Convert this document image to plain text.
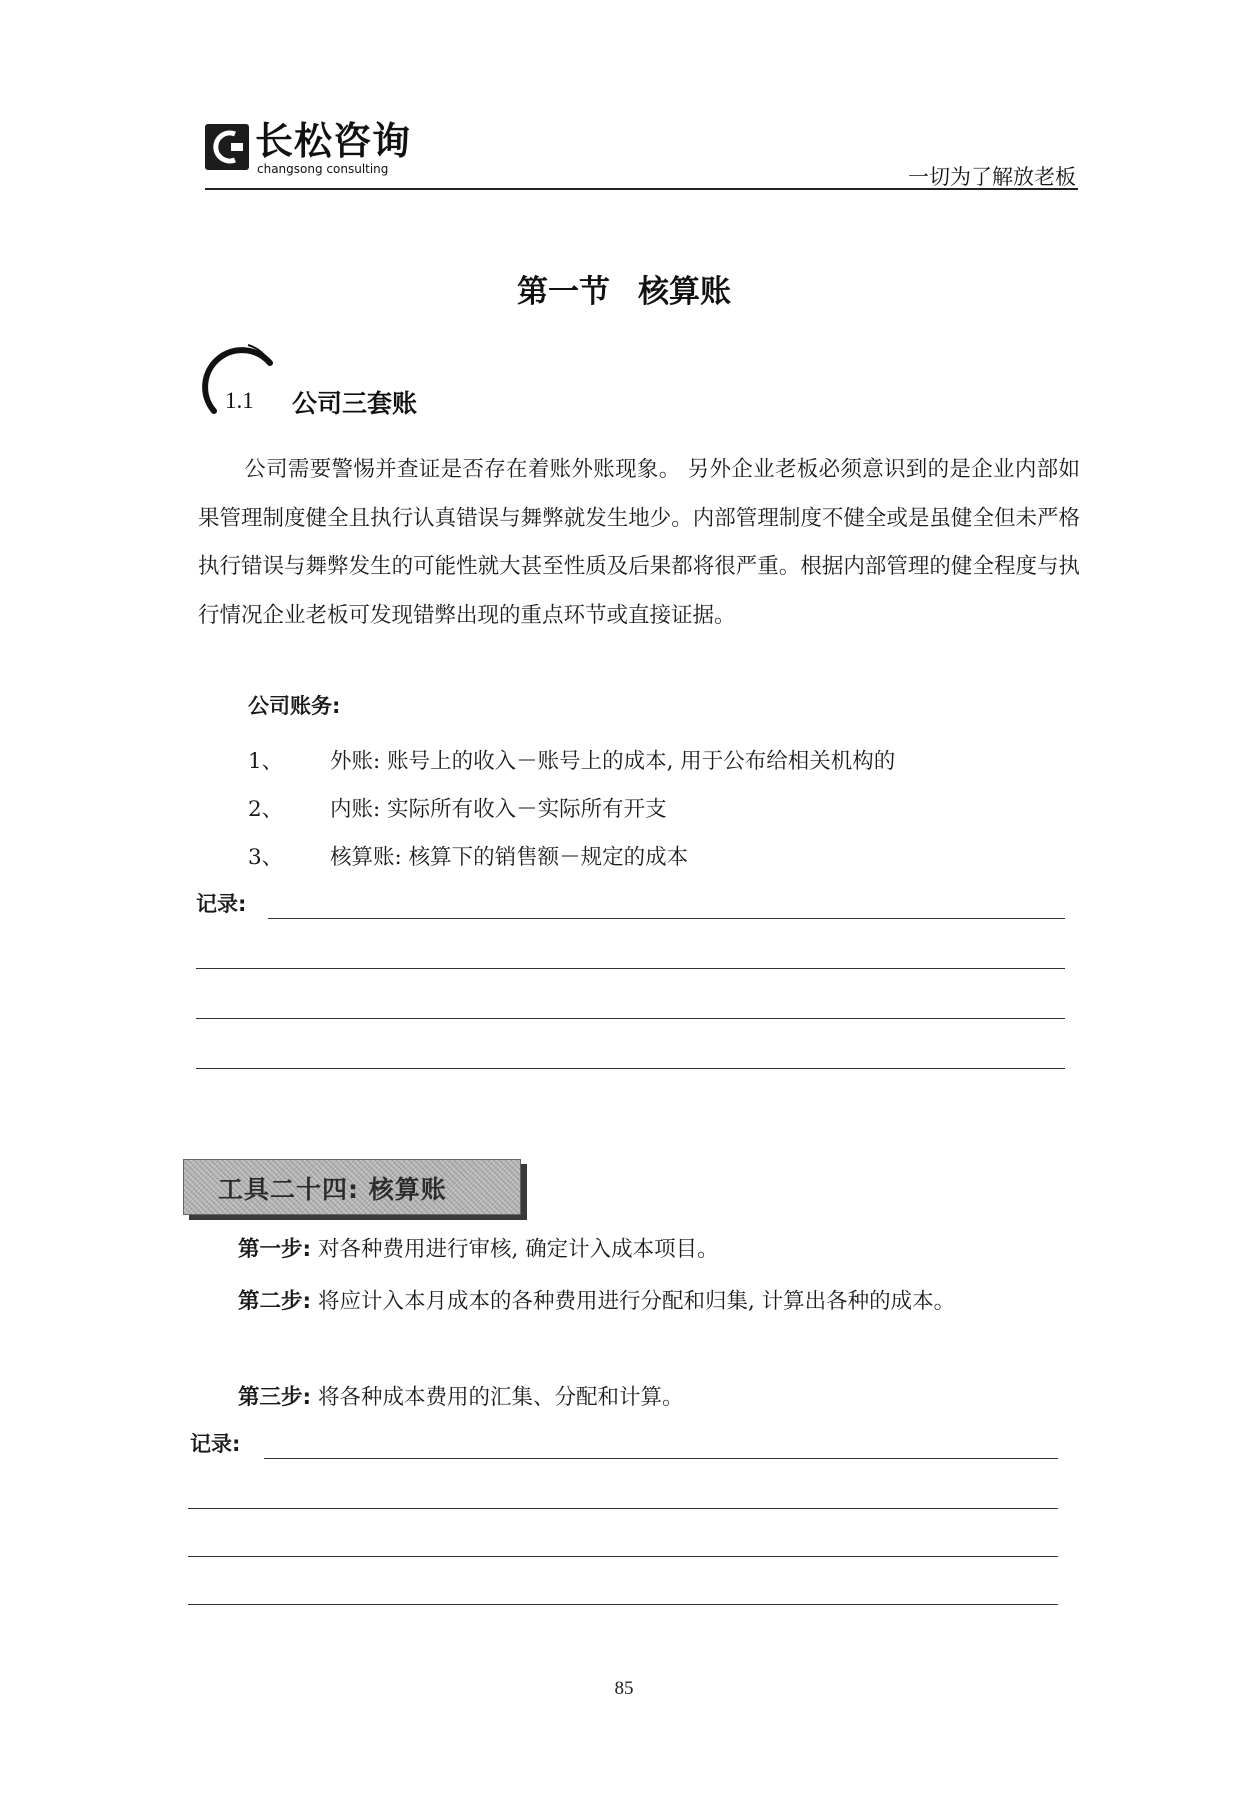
长松咨询
changsong consulting	一切为了解放老板
第一节 核算账
1.1 公司三套账
公司需要警惕并查证是否存在着账外账现象。 另外企业老板必须意识到的是企业内部如果管理制度健全且执行认真错误与舞弊就发生地少。内部管理制度不健全或是虽健全但未严格执行错误与舞弊发生的可能性就大甚至性质及后果都将很严重。根据内部管理的健全程度与执行情况企业老板可发现错弊出现的重点环节或直接证据。
公司账务:
1、 外账: 账号上的收入－账号上的成本, 用于公布给相关机构的
2、 内账: 实际所有收入－实际所有开支
3、 核算账: 核算下的销售额－规定的成本
记录:
工具二十四: 核算账
第一步: 对各种费用进行审核, 确定计入成本项目。
第二步: 将应计入本月成本的各种费用进行分配和归集, 计算出各种的成本。
第三步: 将各种成本费用的汇集、分配和计算。
记录:
85
